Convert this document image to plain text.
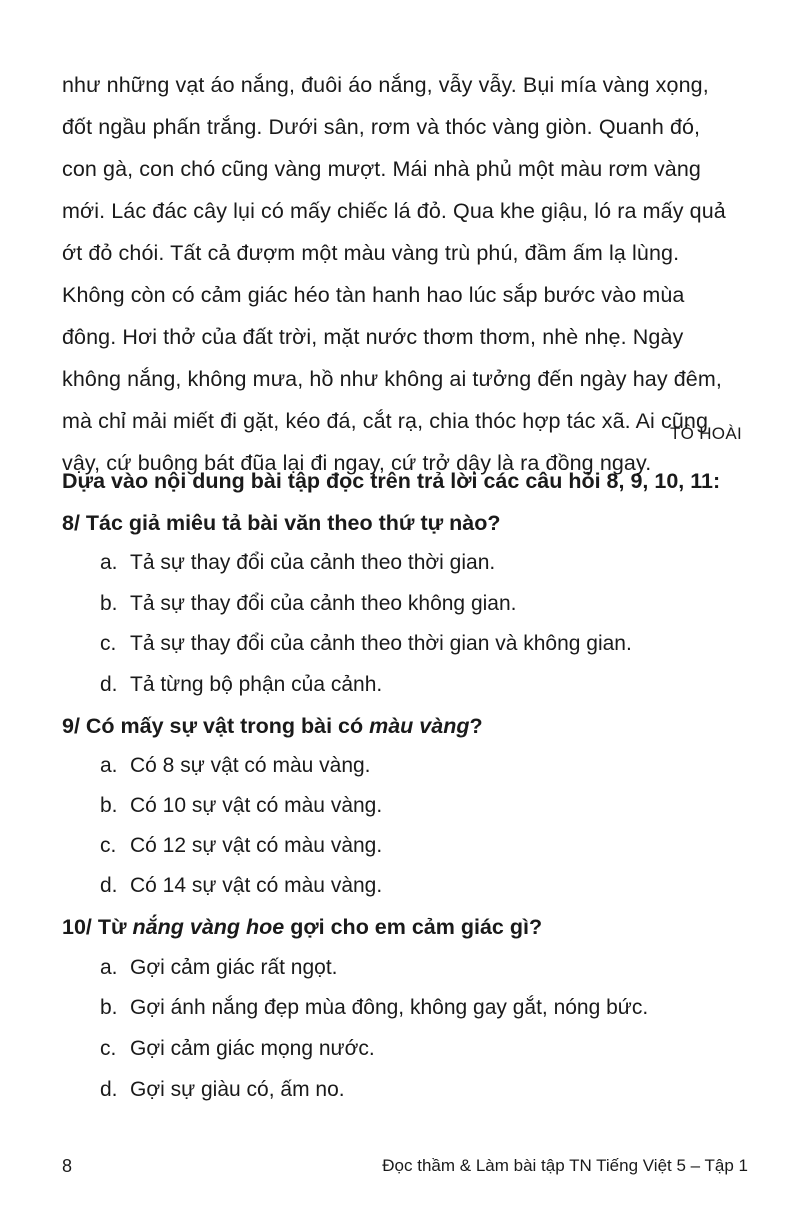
như những vạt áo nắng, đuôi áo nắng, vẫy vẫy. Bụi mía vàng xọng,
đốt ngầu phấn trắng. Dưới sân, rơm và thóc vàng giòn. Quanh đó,
con gà, con chó cũng vàng mượt. Mái nhà phủ một màu rơm vàng
mới. Lác đác cây lụi có mấy chiếc lá đỏ. Qua khe giậu, ló ra mấy quả
ớt đỏ chói. Tất cả đượm một màu vàng trù phú, đầm ấm lạ lùng.
Không còn có cảm giác héo tàn hanh hao lúc sắp bước vào mùa
đông. Hơi thở của đất trời, mặt nước thơm thơm, nhè nhẹ. Ngày
không nắng, không mưa, hồ như không ai tưởng đến ngày hay đêm,
mà chỉ mải miết đi gặt, kéo đá, cắt rạ, chia thóc hợp tác xã. Ai cũng
vậy, cứ buông bát đũa lại đi ngay, cứ trở dậy là ra đồng ngay.
TÔ HOÀI
Dựa vào nội dung bài tập đọc trên trả lời các câu hỏi 8, 9, 10, 11:
8/ Tác giả miêu tả bài văn theo thứ tự nào?
a. Tả sự thay đổi của cảnh theo thời gian.
b. Tả sự thay đổi của cảnh theo không gian.
c. Tả sự thay đổi của cảnh theo thời gian và không gian.
d. Tả từng bộ phận của cảnh.
9/ Có mấy sự vật trong bài có màu vàng?
a. Có 8 sự vật có màu vàng.
b. Có 10 sự vật có màu vàng.
c. Có 12 sự vật có màu vàng.
d. Có 14 sự vật có màu vàng.
10/ Từ nắng vàng hoe gợi cho em cảm giác gì?
a. Gợi cảm giác rất ngọt.
b. Gợi ánh nắng đẹp mùa đông, không gay gắt, nóng bức.
c. Gợi cảm giác mọng nước.
d. Gợi sự giàu có, ấm no.
8	Đọc thầm & Làm bài tập TN Tiếng Việt 5 – Tập 1
